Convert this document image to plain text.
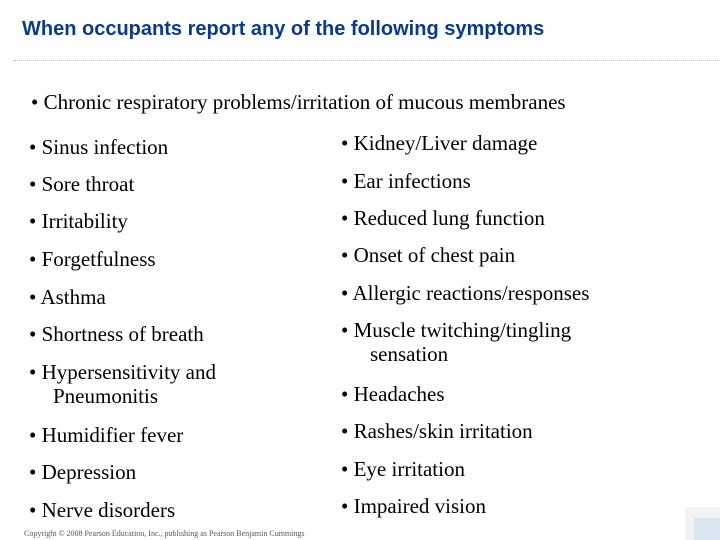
When occupants report any of the following symptoms
• Chronic respiratory problems/irritation of mucous membranes
• Sinus infection
• Sore throat
• Irritability
• Forgetfulness
• Asthma
• Shortness of breath
• Hypersensitivity and
Pneumonitis
• Humidifier fever
• Depression
• Nerve disorders
• Kidney/Liver damage
• Ear infections
• Reduced lung function
• Onset of chest pain
• Allergic reactions/responses
• Muscle twitching/tingling
sensation
• Headaches
• Rashes/skin irritation
• Eye irritation
• Impaired vision
Copyright © 2008 Pearson Education, Inc., publishing as Pearson Benjamin Cummings
